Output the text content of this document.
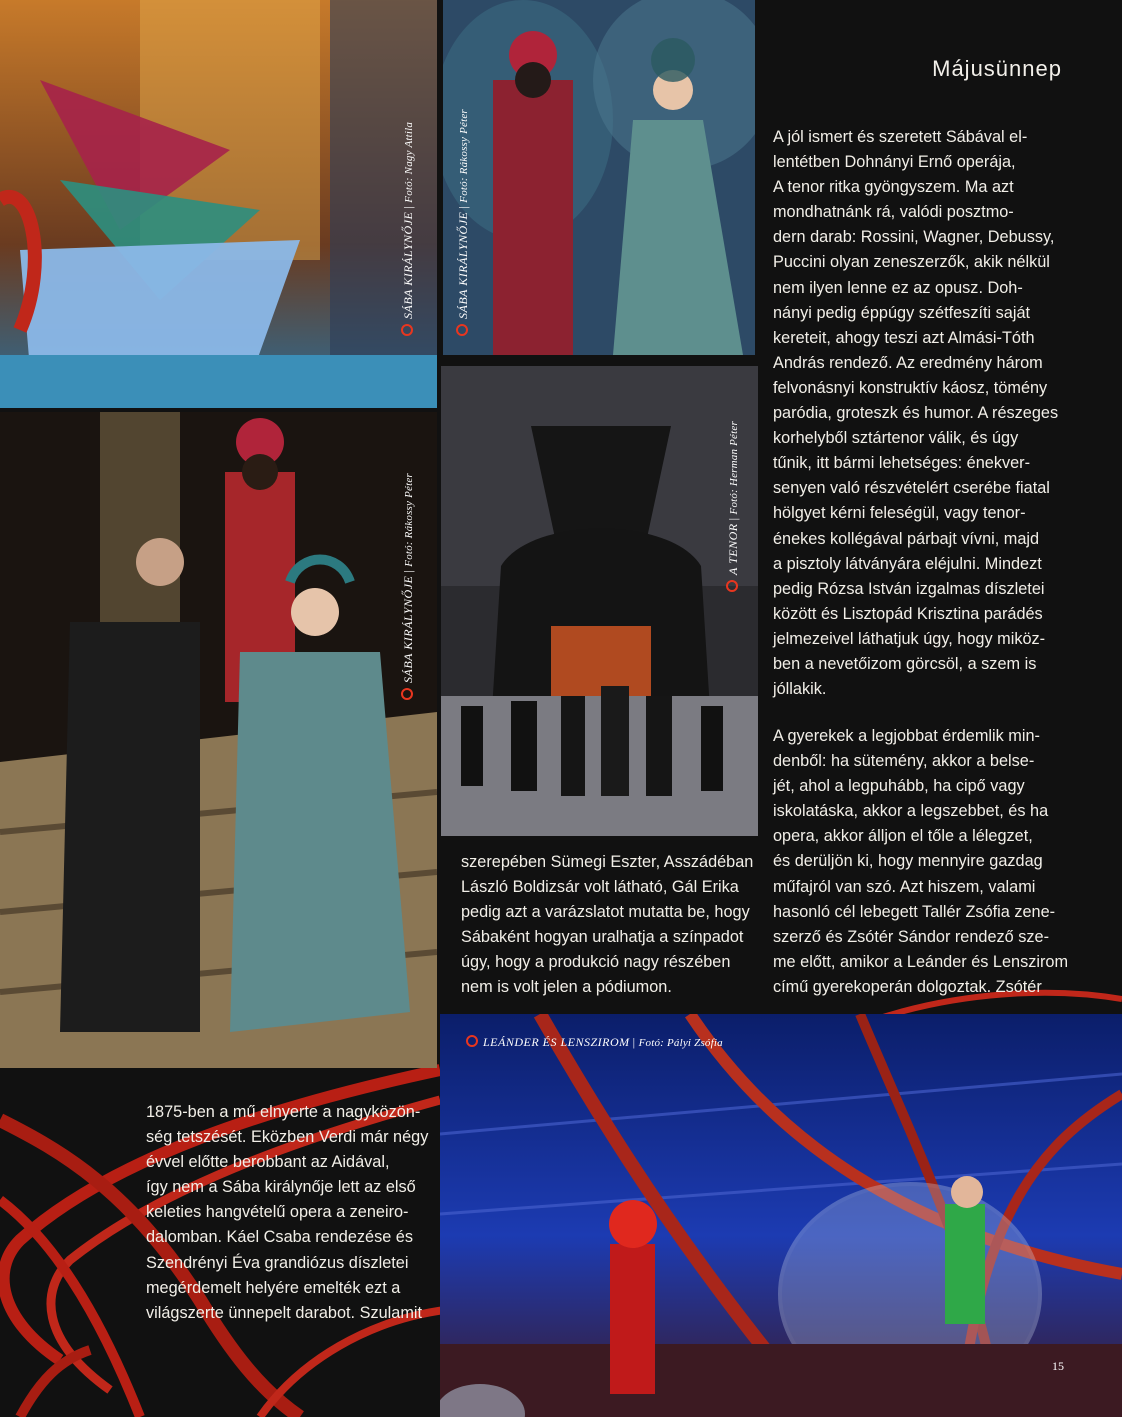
SÁBA KIRÁLYNŐJE|Fotó: Nagy Attila
SÁBA KIRÁLYNŐJE|Fotó: Rákossy Péter
SÁBA KIRÁLYNŐJE|Fotó: Rákossy Péter	A TENOR|Fotó: Herman Péter
LEÁNDER ÉS LENSZIROM | Fotó: Pályi Zsófia
Májusünnep
A jól ismert és szeretett Sábával el-
lentétben Dohnányi Ernő operája,
A tenor ritka gyöngyszem. Ma azt
mondhatnánk rá, valódi posztmo-
dern darab: Rossini, Wagner, Debussy,
Puccini olyan zeneszerzők, akik nélkül
nem ilyen lenne ez az opusz. Doh-
nányi pedig éppúgy szétfeszíti saját
kereteit, ahogy teszi azt Almási-Tóth
András rendező. Az eredmény három
felvonásnyi konstruktív káosz, tömény
paródia, groteszk és humor. A részeges
korhelyből sztártenor válik, és úgy
tűnik, itt bármi lehetséges: énekver-
senyen való részvételért cserébe fiatal
hölgyet kérni feleségül, vagy tenor-
énekes kollégával párbajt vívni, majd
a pisztoly látványára eléjulni. Mindezt
pedig Rózsa István izgalmas díszletei
között és Lisztopád Krisztina parádés
jelmezeivel láthatjuk úgy, hogy miköz-
ben a nevetőizom görcsöl, a szem is
jóllakik.
A gyerekek a legjobbat érdemlik min-
denből: ha sütemény, akkor a belse-
jét, ahol a legpuhább, ha cipő vagy
iskolatáska, akkor a legszebbet, és ha
opera, akkor álljon el tőle a lélegzet,
és derüljön ki, hogy mennyire gazdag
műfajról van szó. Azt hiszem, valami
hasonló cél lebegett Tallér Zsófia zene-
szerző és Zsótér Sándor rendező sze-
me előtt, amikor a Leánder és Lenszirom
című gyerekoperán dolgoztak. Zsótér
szerepében Sümegi Eszter, Asszádéban
László Boldizsár volt látható, Gál Erika
pedig azt a varázslatot mutatta be, hogy
Sábaként hogyan uralhatja a színpadot
úgy, hogy a produkció nagy részében
nem is volt jelen a pódiumon.
1875-ben a mű elnyerte a nagyközön-
ség tetszését. Eközben Verdi már négy
évvel előtte berobbant az Aidával,
így nem a Sába királynője lett az első
keleties hangvételű opera a zeneiro-
dalomban. Káel Csaba rendezése és
Szendrényi Éva grandiózus díszletei
megérdemelt helyére emelték ezt a
világszerte ünnepelt darabot. Szulamit
15
